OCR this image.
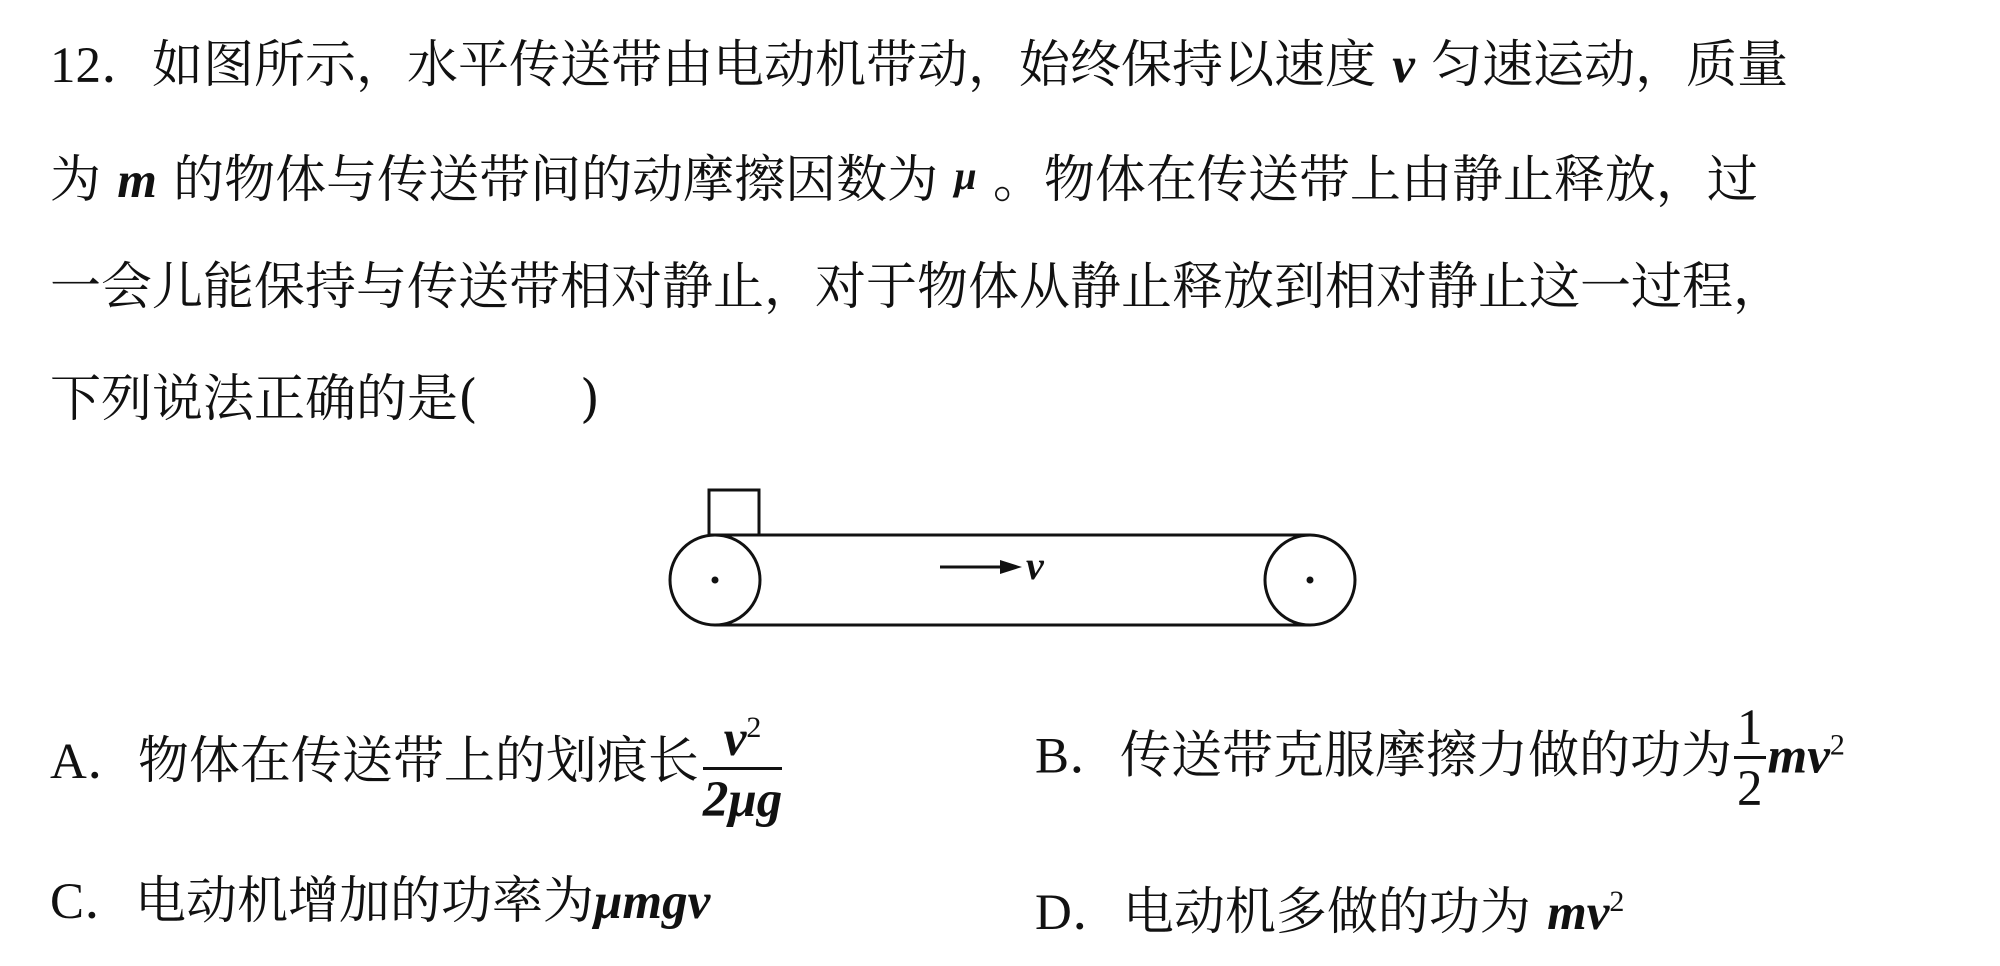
12．如图所示，水平传送带由电动机带动，始终保持以速度 v 匀速运动，质量
为 m 的物体与传送带间的动摩擦因数为 μ 。物体在传送带上由静止释放，过
一会儿能保持与传送带相对静止，对于物体从静止释放到相对静止这一过程，
下列说法正确的是(　　)
v
A．物体在传送带上的划痕长 $\frac{v^2}{2\mu g}$	B．传送带克服摩擦力做的功为 $\frac{1}{2} mv^2$
C．电动机增加的功率为μmgv	D．电动机多做的功为 $mv^2$
